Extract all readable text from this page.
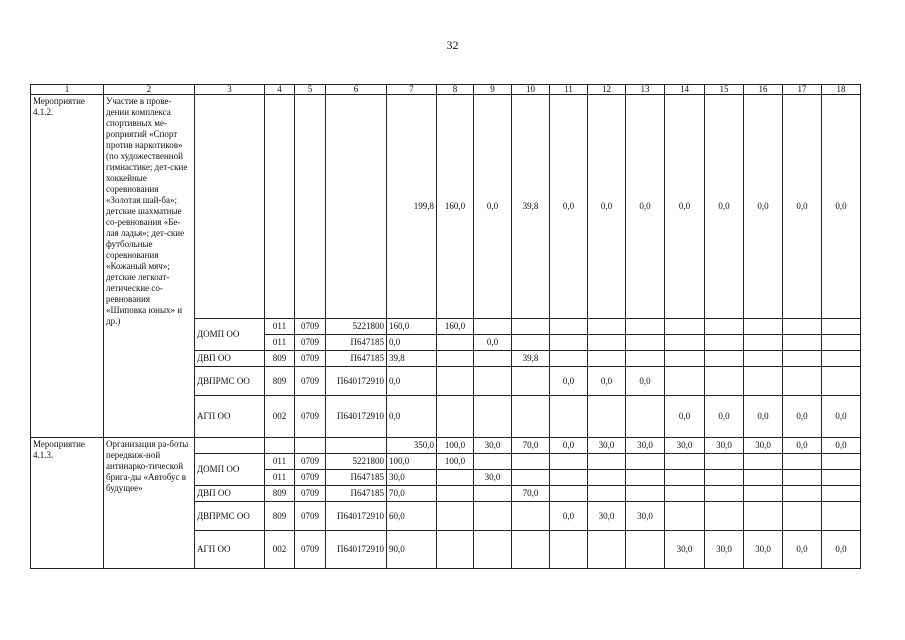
32
1	2	3	4	5	6	7	8	9	10	11	12	13	14	15	16	17	18
Мероприятие 4.1.2.	Участие в прове-дении комплекса спортивных ме-роприятий «Спорт против наркотиков» (по художественной гимнастике; дет-ские хоккейные соревнования «Золотая шай-ба»; детские шахматные со-ревнования «Бе-лая ладья»; дет-ские футбольные соревнования «Кожаный мяч»; детские легкоат-летические со-ревнования «Шиповка юных» и др.)					199,8	160,0	0,0	39,8	0,0	0,0	0,0	0,0	0,0	0,0	0,0	0,0
		ДОМП ОО	011	0709	5221800	160,0	160,0										
			011	0709	П647185	0,0		0,0									
		ДВП ОО	809	0709	П647185	39,8			39,8								
		ДВПРМС ОО	809	0709	П640172910	0,0				0,0	0,0	0,0					
		АГП ОО	002	0709	П640172910	0,0							0,0	0,0	0,0	0,0	0,0
Мероприятие 4.1.3.	Организация ра-боты передвиж-ной антинарко-тической брига-ды «Автобус в будущее»					350,0	100,0	30,0	70,0	0,0	30,0	30,0	30,0	30,0	30,0	0,0	0,0
		ДОМП ОО	011	0709	5221800	100,0	100,0										
			011	0709	П647185	30,0		30,0									
		ДВП ОО	809	0709	П647185	70,0			70,0								
		ДВПРМС ОО	809	0709	П640172910	60,0				0,0	30,0	30,0					
		АГП ОО	002	0709	П640172910	90,0							30,0	30,0	30,0	0,0	0,0
